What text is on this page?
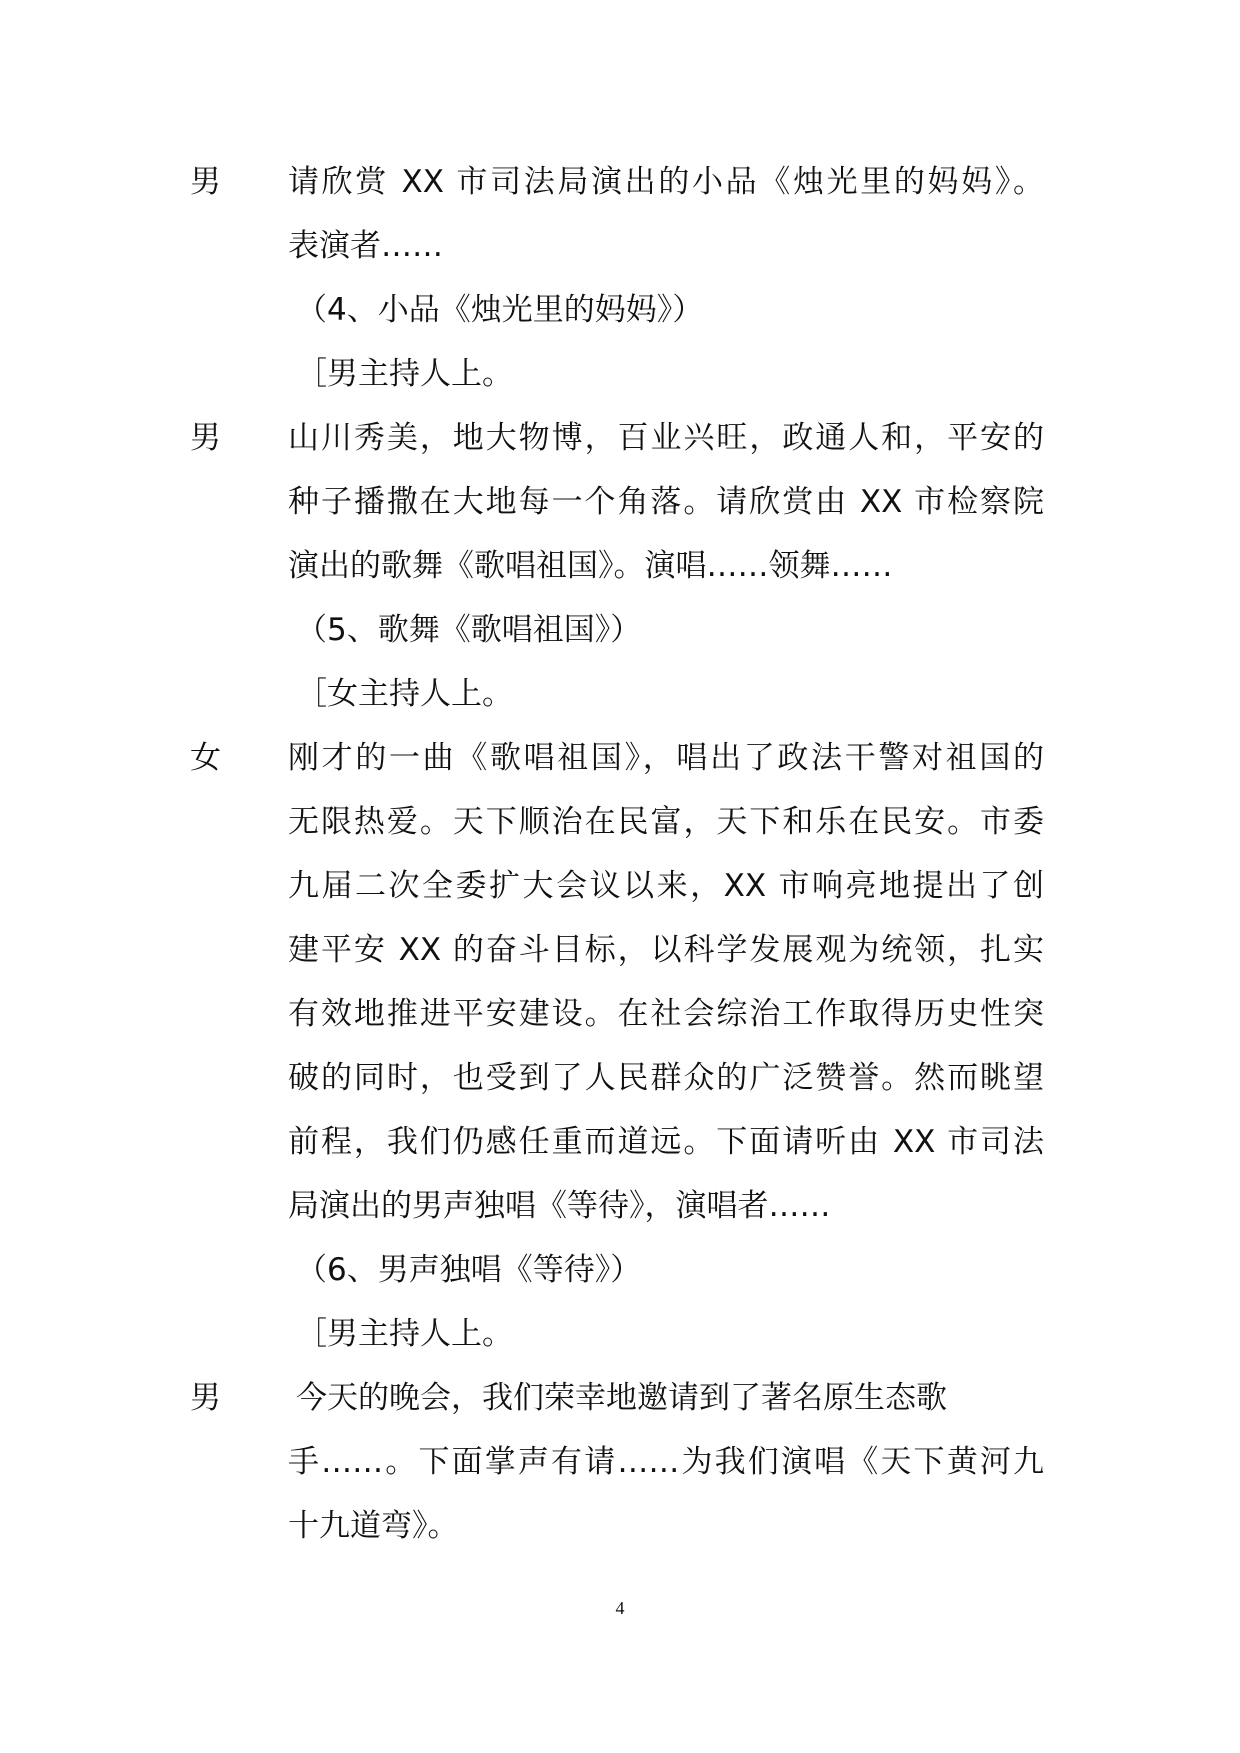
男 请欣赏 XX 市司法局演出的小品《烛光里的妈妈》。
表演者……
（4、小品《烛光里的妈妈》）
［男主持人上。
男 山川秀美，地大物博，百业兴旺，政通人和，平安的
种子播撒在大地每一个角落。请欣赏由 XX 市检察院
演出的歌舞《歌唱祖国》。演唱……领舞……
（5、歌舞《歌唱祖国》）
［女主持人上。
女 刚才的一曲《歌唱祖国》，唱出了政法干警对祖国的
无限热爱。天下顺治在民富，天下和乐在民安。市委
九届二次全委扩大会议以来，XX 市响亮地提出了创
建平安 XX 的奋斗目标，以科学发展观为统领，扎实
有效地推进平安建设。在社会综治工作取得历史性突
破的同时，也受到了人民群众的广泛赞誉。然而眺望
前程，我们仍感任重而道远。下面请听由 XX 市司法
局演出的男声独唱《等待》，演唱者……
（6、男声独唱《等待》）
［男主持人上。
男 今天的晚会，我们荣幸地邀请到了著名原生态歌
手……。下面掌声有请……为我们演唱《天下黄河九
十九道弯》。
4
